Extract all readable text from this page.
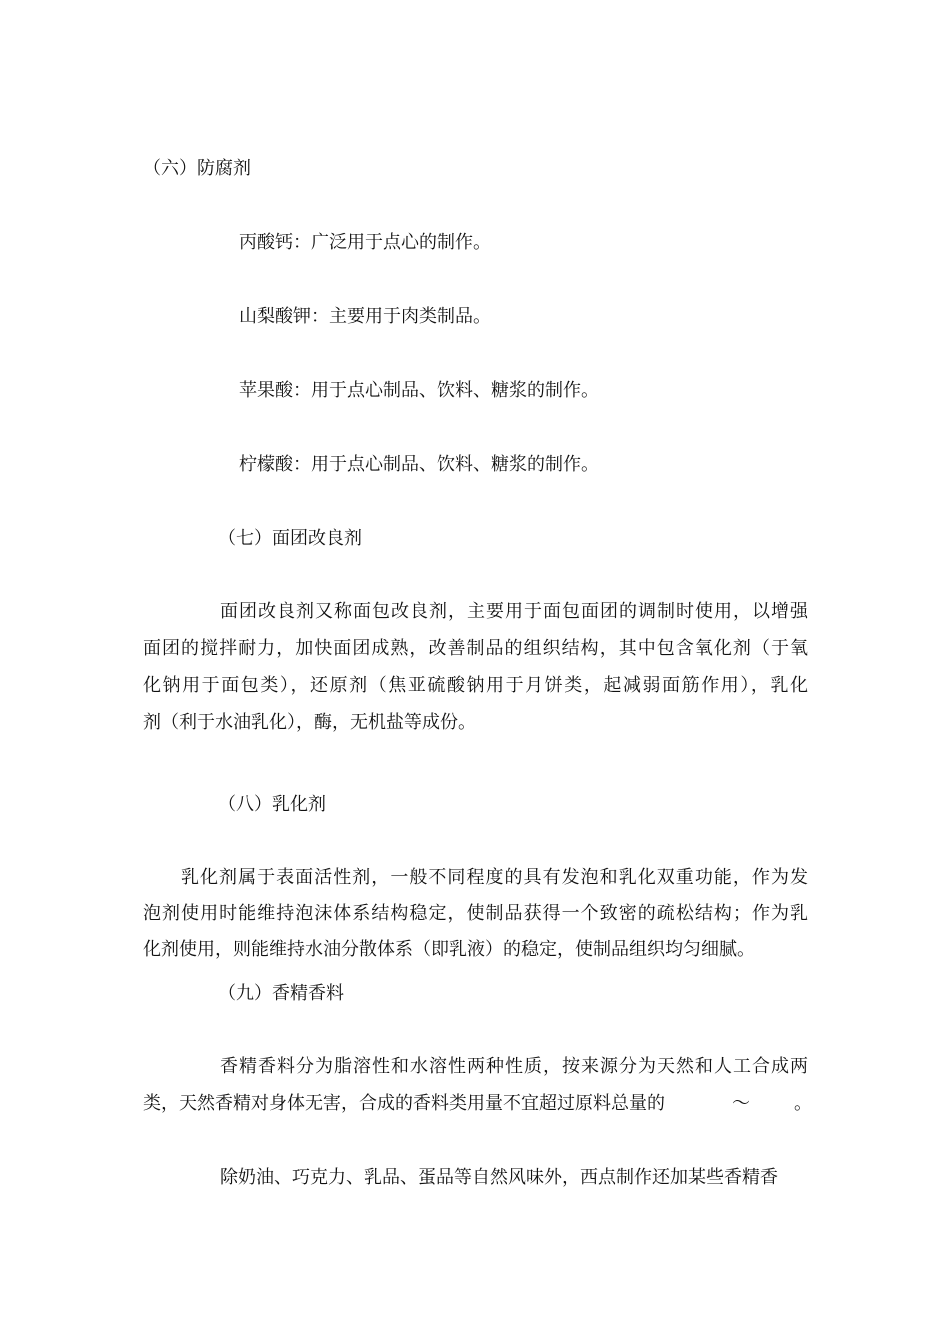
（六）防腐剂

丙酸钙：广泛用于点心的制作。

山梨酸钾：主要用于肉类制品。

苹果酸：用于点心制品、饮料、糖浆的制作。

柠檬酸：用于点心制品、饮料、糖浆的制作。

（七）面团改良剂

面团改良剂又称面包改良剂，主要用于面包面团的调制时使用，以增强
面团的搅拌耐力，加快面团成熟，改善制品的组织结构，其中包含氧化剂（于氧
化钠用于面包类），还原剂（焦亚硫酸钠用于月饼类，起减弱面筋作用），乳化
剂（利于水油乳化），酶，无机盐等成份。

（八）乳化剂

乳化剂属于表面活性剂，一般不同程度的具有发泡和乳化双重功能，作为发
泡剂使用时能维持泡沫体系结构稳定，使制品获得一个致密的疏松结构；作为乳
化剂使用，则能维持水油分散体系（即乳液）的稳定，使制品组织均匀细腻。

（九）香精香料

香精香料分为脂溶性和水溶性两种性质，按来源分为天然和人工合成两
类，天然香精对身体无害，合成的香料类用量不宜超过原料总量的	～ 。

除奶油、巧克力、乳品、蛋品等自然风味外，西点制作还加某些香精香
